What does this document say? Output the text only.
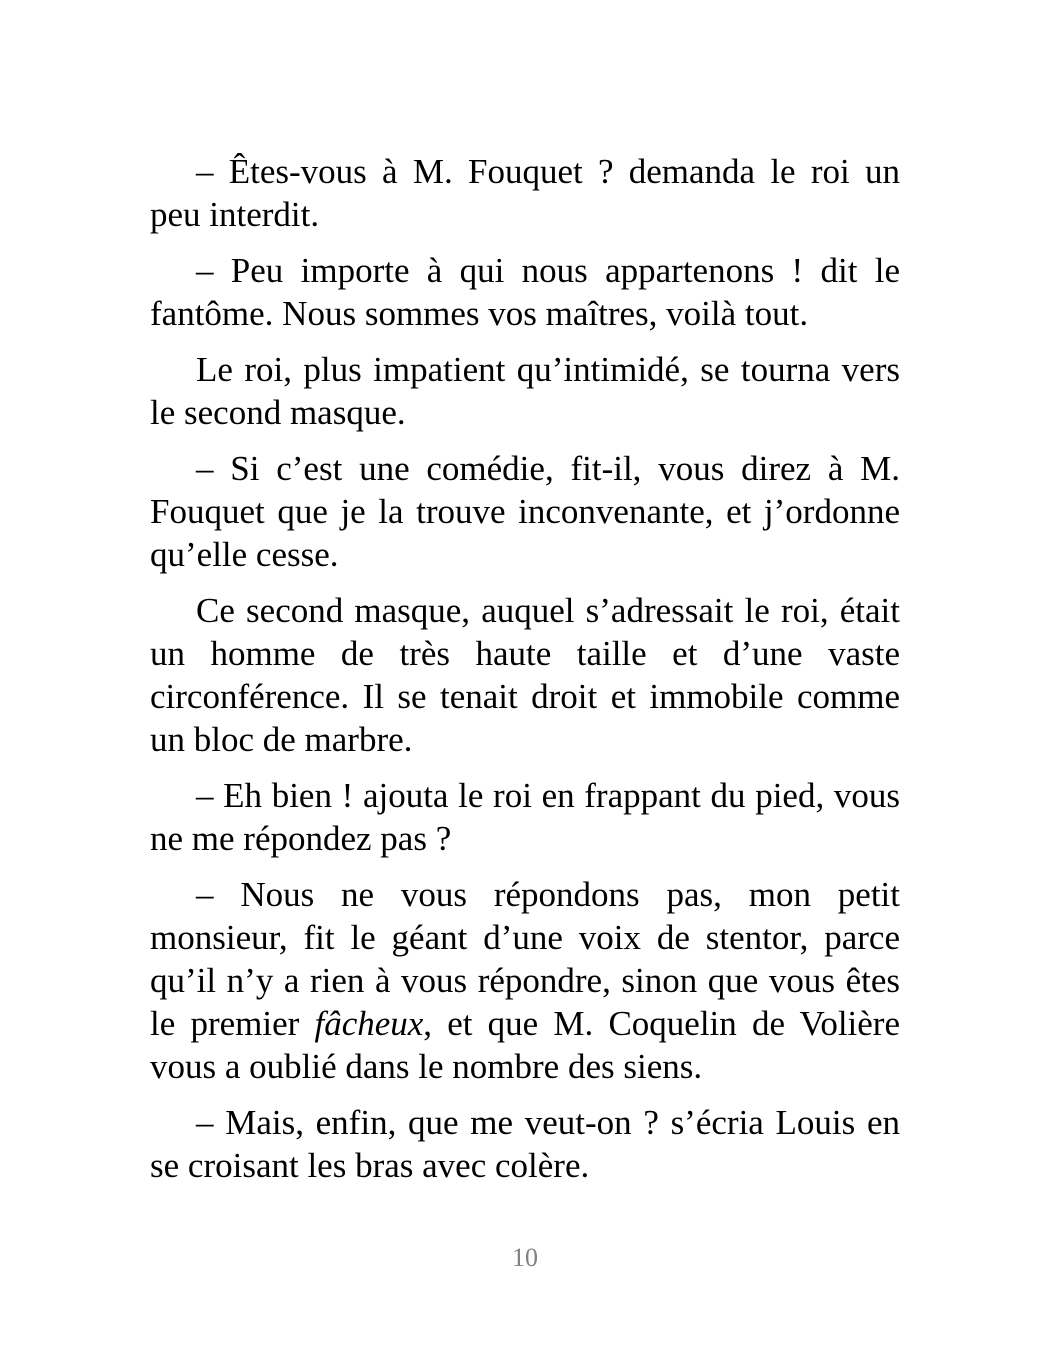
– Êtes-vous à M. Fouquet ? demanda le roi un peu interdit.

– Peu importe à qui nous appartenons ! dit le fantôme. Nous sommes vos maîtres, voilà tout.

Le roi, plus impatient qu’intimidé, se tourna vers le second masque.

– Si c’est une comédie, fit-il, vous direz à M. Fouquet que je la trouve inconvenante, et j’ordonne qu’elle cesse.

Ce second masque, auquel s’adressait le roi, était un homme de très haute taille et d’une vaste circonférence. Il se tenait droit et immobile comme un bloc de marbre.

– Eh bien ! ajouta le roi en frappant du pied, vous ne me répondez pas ?

– Nous ne vous répondons pas, mon petit monsieur, fit le géant d’une voix de stentor, parce qu’il n’y a rien à vous répondre, sinon que vous êtes le premier fâcheux, et que M. Coquelin de Volière vous a oublié dans le nombre des siens.

– Mais, enfin, que me veut-on ? s’écria Louis en se croisant les bras avec colère.

10
